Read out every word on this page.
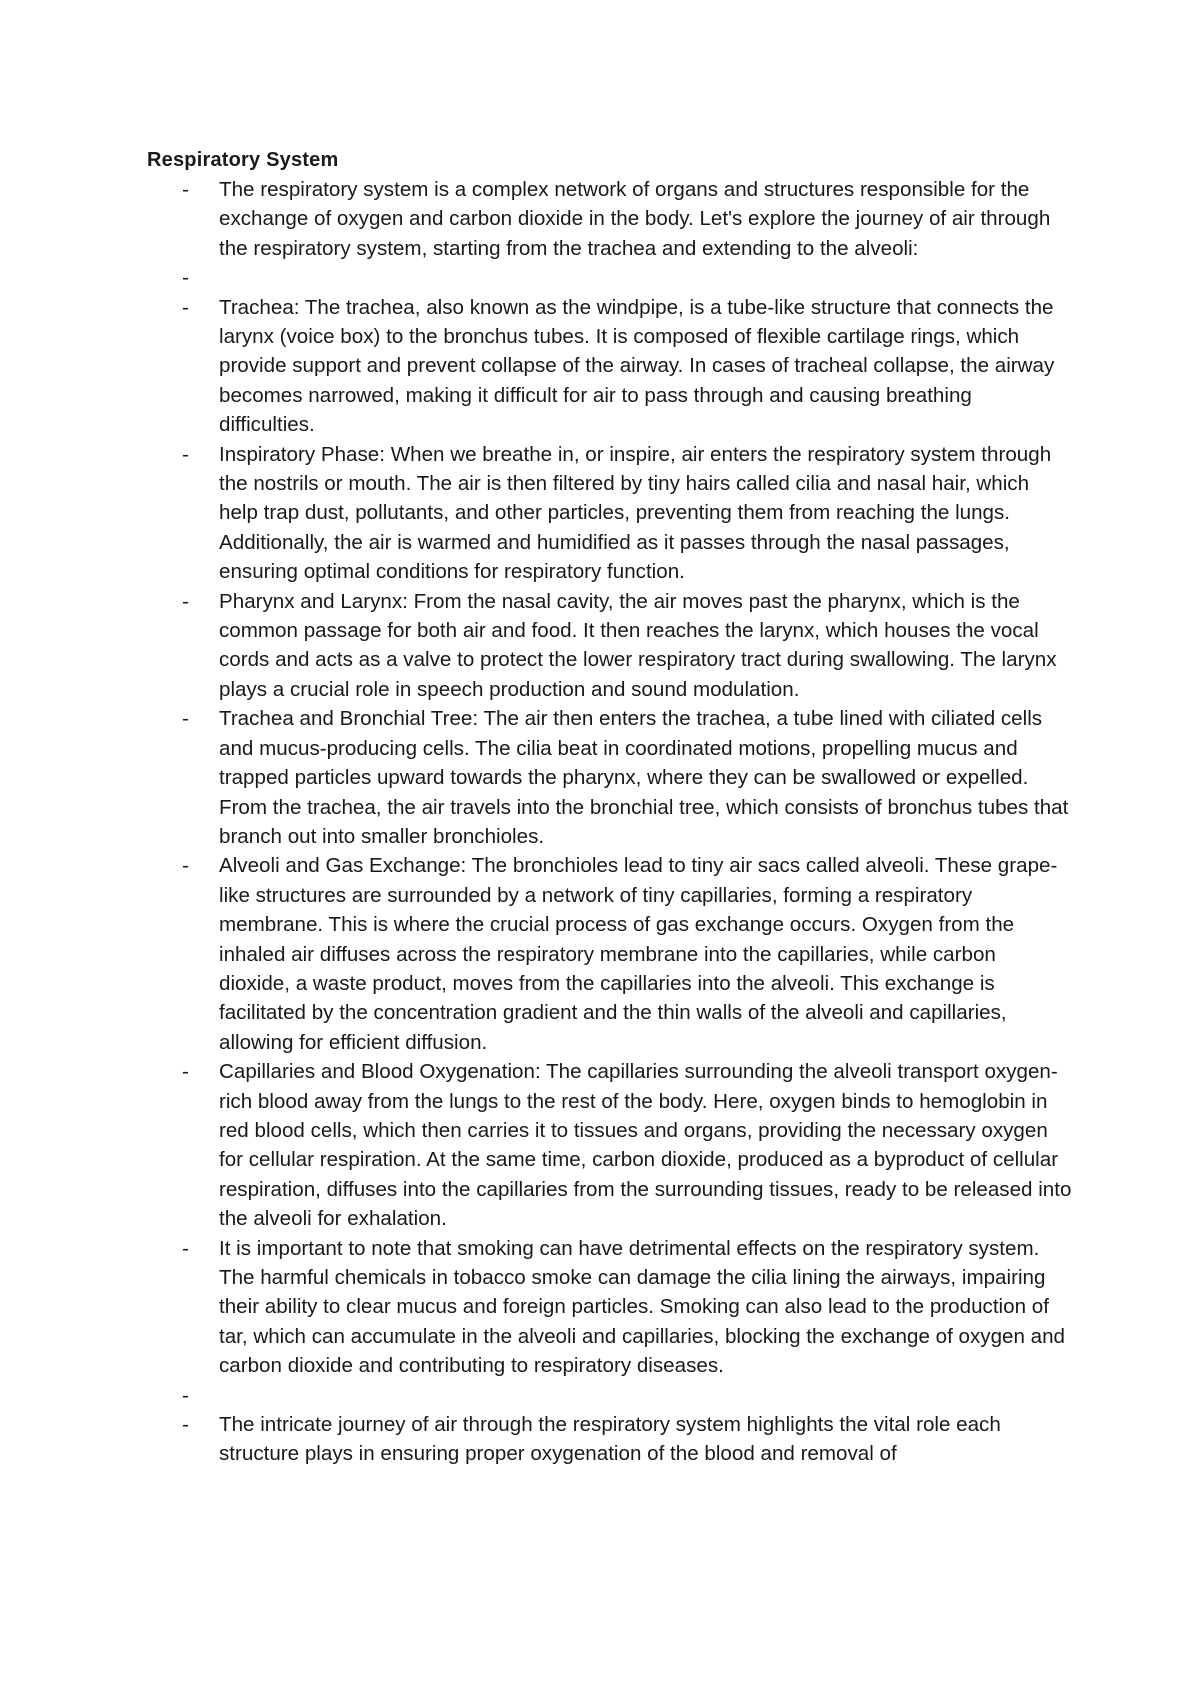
Respiratory System
-	The respiratory system is a complex network of organs and structures responsible for the exchange of oxygen and carbon dioxide in the body. Let's explore the journey of air through the respiratory system, starting from the trachea and extending to the alveoli:
-
-	Trachea: The trachea, also known as the windpipe, is a tube-like structure that connects the larynx (voice box) to the bronchus tubes. It is composed of flexible cartilage rings, which provide support and prevent collapse of the airway. In cases of tracheal collapse, the airway becomes narrowed, making it difficult for air to pass through and causing breathing difficulties.
-	Inspiratory Phase: When we breathe in, or inspire, air enters the respiratory system through the nostrils or mouth. The air is then filtered by tiny hairs called cilia and nasal hair, which help trap dust, pollutants, and other particles, preventing them from reaching the lungs. Additionally, the air is warmed and humidified as it passes through the nasal passages, ensuring optimal conditions for respiratory function.
-	Pharynx and Larynx: From the nasal cavity, the air moves past the pharynx, which is the common passage for both air and food. It then reaches the larynx, which houses the vocal cords and acts as a valve to protect the lower respiratory tract during swallowing. The larynx plays a crucial role in speech production and sound modulation.
-	Trachea and Bronchial Tree: The air then enters the trachea, a tube lined with ciliated cells and mucus-producing cells. The cilia beat in coordinated motions, propelling mucus and trapped particles upward towards the pharynx, where they can be swallowed or expelled. From the trachea, the air travels into the bronchial tree, which consists of bronchus tubes that branch out into smaller bronchioles.
-	Alveoli and Gas Exchange: The bronchioles lead to tiny air sacs called alveoli. These grape-like structures are surrounded by a network of tiny capillaries, forming a respiratory membrane. This is where the crucial process of gas exchange occurs. Oxygen from the inhaled air diffuses across the respiratory membrane into the capillaries, while carbon dioxide, a waste product, moves from the capillaries into the alveoli. This exchange is facilitated by the concentration gradient and the thin walls of the alveoli and capillaries, allowing for efficient diffusion.
-	Capillaries and Blood Oxygenation: The capillaries surrounding the alveoli transport oxygen-rich blood away from the lungs to the rest of the body. Here, oxygen binds to hemoglobin in red blood cells, which then carries it to tissues and organs, providing the necessary oxygen for cellular respiration. At the same time, carbon dioxide, produced as a byproduct of cellular respiration, diffuses into the capillaries from the surrounding tissues, ready to be released into the alveoli for exhalation.
-	It is important to note that smoking can have detrimental effects on the respiratory system. The harmful chemicals in tobacco smoke can damage the cilia lining the airways, impairing their ability to clear mucus and foreign particles. Smoking can also lead to the production of tar, which can accumulate in the alveoli and capillaries, blocking the exchange of oxygen and carbon dioxide and contributing to respiratory diseases.
-
-	The intricate journey of air through the respiratory system highlights the vital role each structure plays in ensuring proper oxygenation of the blood and removal of
